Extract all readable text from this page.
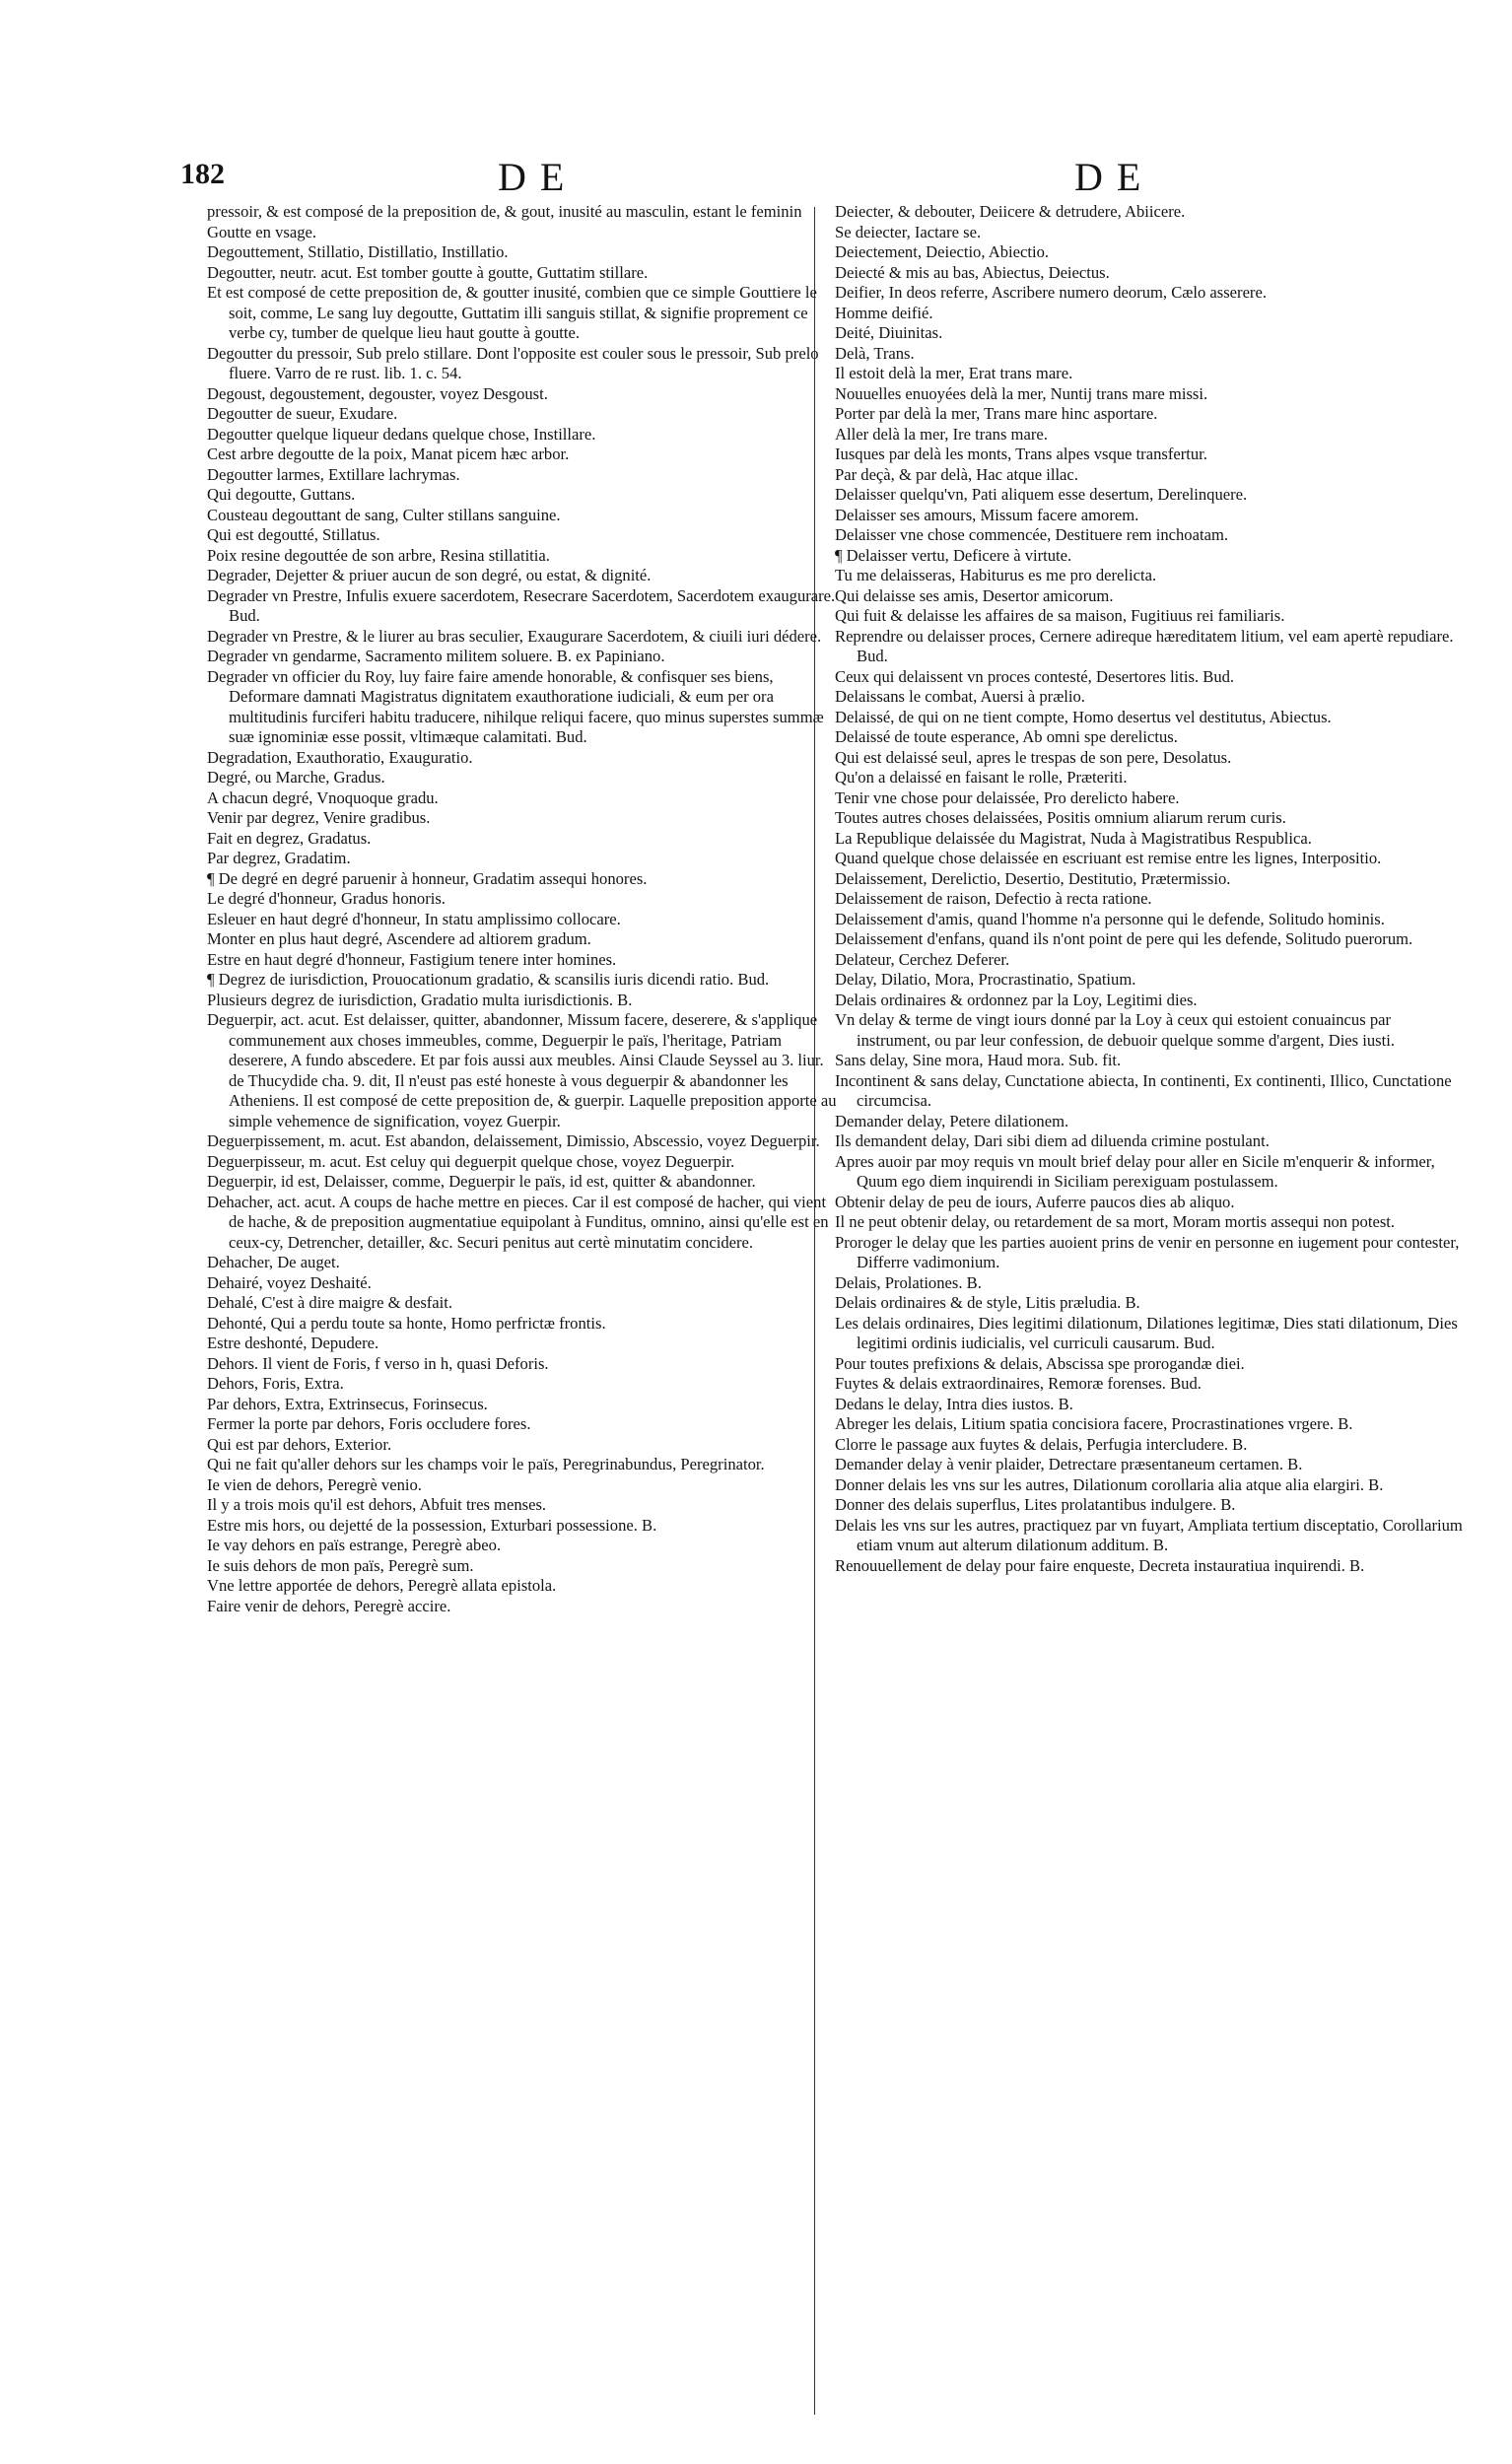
182	DE	DE

pressoir, & est composé de la preposition de, & gout, inusité au masculin, estant le feminin Goutte en vsage.

Degouttement, Stillatio, Distillatio, Instillatio.

Degoutter, neutr. acut. Est tomber goutte à goutte, Guttatim stillare.

Et est composé de cette preposition de, & goutter inusité, combien que ce simple Gouttiere le soit, comme, Le sang luy degoutte, Guttatim illi sanguis stillat, & signifie proprement ce verbe cy, tumber de quelque lieu haut goutte à goutte.

Degoutter du pressoir, Sub prelo stillare. Dont l'opposite est couler sous le pressoir, Sub prelo fluere. Varro de re rust. lib. 1. c. 54.

Degoust, degoustement, degouster, voyez Desgoust.

Degoutter de sueur, Exudare.

Degoutter quelque liqueur dedans quelque chose, Instillare.

Cest arbre degoutte de la poix, Manat picem hæc arbor.

Degoutter larmes, Extillare lachrymas.

Qui degoutte, Guttans.

Cousteau degouttant de sang, Culter stillans sanguine.

Qui est degoutté, Stillatus.

Poix resine degouttée de son arbre, Resina stillatitia.

Degrader, Dejetter & priuer aucun de son degré, ou estat, & dignité.

Degrader vn Prestre, Infulis exuere sacerdotem, Resecrare Sacerdotem, Sacerdotem exaugurare. Bud.

Degrader vn Prestre, & le liurer au bras seculier, Exaugurare Sacerdotem, & ciuili iuri dédere.

Degrader vn gendarme, Sacramento militem soluere. B. ex Papiniano.

Degrader vn officier du Roy, luy faire faire amende honorable, & confisquer ses biens, Deformare damnati Magistratus dignitatem exauthoratione iudiciali, & eum per ora multitudinis furciferi habitu traducere, nihilque reliqui facere, quo minus superstes summæ suæ ignominiæ esse possit, vltimæque calamitati. Bud.

Degradation, Exauthoratio, Exauguratio.

Degré, ou Marche, Gradus.

A chacun degré, Vnoquoque gradu.

Venir par degrez, Venire gradibus.

Fait en degrez, Gradatus.

Par degrez, Gradatim.

¶ De degré en degré paruenir à honneur, Gradatim assequi honores.

Le degré d'honneur, Gradus honoris.

Esleuer en haut degré d'honneur, In statu amplissimo collocare.

Monter en plus haut degré, Ascendere ad altiorem gradum.

Estre en haut degré d'honneur, Fastigium tenere inter homines.

¶ Degrez de iurisdiction, Prouocationum gradatio, & scansilis iuris dicendi ratio. Bud.

Plusieurs degrez de iurisdiction, Gradatio multa iurisdictionis. B.

Deguerpir, act. acut. Est delaisser, quitter, abandonner, Missum facere, deserere, & s'applique communement aux choses immeubles, comme, Deguerpir le païs, l'heritage, Patriam deserere, A fundo abscedere. Et par fois aussi aux meubles. Ainsi Claude Seyssel au 3. liur. de Thucydide cha. 9. dit, Il n'eust pas esté honeste à vous deguerpir & abandonner les Atheniens. Il est composé de cette preposition de, & guerpir. Laquelle preposition apporte au simple vehemence de signification, voyez Guerpir.

Deguerpissement, m. acut. Est abandon, delaissement, Dimissio, Abscessio, voyez Deguerpir.

Deguerpisseur, m. acut. Est celuy qui deguerpit quelque chose, voyez Deguerpir.

Deguerpir, id est, Delaisser, comme, Deguerpir le païs, id est, quitter & abandonner.

Dehacher, act. acut. A coups de hache mettre en pieces. Car il est composé de hacher, qui vient de hache, & de preposition augmentatiue equipolant à Funditus, omnino, ainsi qu'elle est en ceux-cy, Detrencher, detailler, &c. Securi penitus aut certè minutatim concidere.

Dehacher, De auget.

Dehairé, voyez Deshaité.

Dehalé, C'est à dire maigre & desfait.

Dehonté, Qui a perdu toute sa honte, Homo perfrictæ frontis.

Estre deshonté, Depudere.

Dehors. Il vient de Foris, f verso in h, quasi Deforis.

Dehors, Foris, Extra.

Par dehors, Extra, Extrinsecus, Forinsecus.

Fermer la porte par dehors, Foris occludere fores.

Qui est par dehors, Exterior.

Qui ne fait qu'aller dehors sur les champs voir le païs, Peregrinabundus, Peregrinator.

Ie vien de dehors, Peregrè venio.

Il y a trois mois qu'il est dehors, Abfuit tres menses.

Estre mis hors, ou dejetté de la possession, Exturbari possessione. B.

Ie vay dehors en païs estrange, Peregrè abeo.

Ie suis dehors de mon païs, Peregrè sum.

Vne lettre apportée de dehors, Peregrè allata epistola.

Faire venir de dehors, Peregrè accire.

Deiecter, & debouter, Deiicere & detrudere, Abiicere.

Se deiecter, Iactare se.

Deiectement, Deiectio, Abiectio.

Deiecté & mis au bas, Abiectus, Deiectus.

Deifier, In deos referre, Ascribere numero deorum, Cælo asserere.

Homme deifié.

Deité, Diuinitas.

Delà, Trans.

Il estoit delà la mer, Erat trans mare.

Nouuelles enuoyées delà la mer, Nuntij trans mare missi.

Porter par delà la mer, Trans mare hinc asportare.

Aller delà la mer, Ire trans mare.

Iusques par delà les monts, Trans alpes vsque transfertur.

Par deçà, & par delà, Hac atque illac.

Delaisser quelqu'vn, Pati aliquem esse desertum, Derelinquere.

Delaisser ses amours, Missum facere amorem.

Delaisser vne chose commencée, Destituere rem inchoatam.

¶ Delaisser vertu, Deficere à virtute.

Tu me delaisseras, Habiturus es me pro derelicta.

Qui delaisse ses amis, Desertor amicorum.

Qui fuit & delaisse les affaires de sa maison, Fugitiuus rei familiaris.

Reprendre ou delaisser proces, Cernere adireque hæreditatem litium, vel eam apertè repudiare. Bud.

Ceux qui delaissent vn proces contesté, Desertores litis. Bud.

Delaissans le combat, Auersi à prælio.

Delaissé, de qui on ne tient compte, Homo desertus vel destitutus, Abiectus.

Delaissé de toute esperance, Ab omni spe derelictus.

Qui est delaissé seul, apres le trespas de son pere, Desolatus.

Qu'on a delaissé en faisant le rolle, Præteriti.

Tenir vne chose pour delaissée, Pro derelicto habere.

Toutes autres choses delaissées, Positis omnium aliarum rerum curis.

La Republique delaissée du Magistrat, Nuda à Magistratibus Respublica.

Quand quelque chose delaissée en escriuant est remise entre les lignes, Interpositio.

Delaissement, Derelictio, Desertio, Destitutio, Prætermissio.

Delaissement de raison, Defectio à recta ratione.

Delaissement d'amis, quand l'homme n'a personne qui le defende, Solitudo hominis.

Delaissement d'enfans, quand ils n'ont point de pere qui les defende, Solitudo puerorum.

Delateur, Cerchez Deferer.

Delay, Dilatio, Mora, Procrastinatio, Spatium.

Delais ordinaires & ordonnez par la Loy, Legitimi dies.

Vn delay & terme de vingt iours donné par la Loy à ceux qui estoient conuaincus par instrument, ou par leur confession, de debuoir quelque somme d'argent, Dies iusti.

Sans delay, Sine mora, Haud mora. Sub. fit.

Incontinent & sans delay, Cunctatione abiecta, In continenti, Ex continenti, Illico, Cunctatione circumcisa.

Demander delay, Petere dilationem.

Ils demandent delay, Dari sibi diem ad diluenda crimine postulant.

Apres auoir par moy requis vn moult brief delay pour aller en Sicile m'enquerir & informer, Quum ego diem inquirendi in Siciliam perexiguam postulassem.

Obtenir delay de peu de iours, Auferre paucos dies ab aliquo.

Il ne peut obtenir delay, ou retardement de sa mort, Moram mortis assequi non potest.

Proroger le delay que les parties auoient prins de venir en personne en iugement pour contester, Differre vadimonium.

Delais, Prolationes. B.

Delais ordinaires & de style, Litis præludia. B.

Les delais ordinaires, Dies legitimi dilationum, Dilationes legitimæ, Dies stati dilationum, Dies legitimi ordinis iudicialis, vel curriculi causarum. Bud.

Pour toutes prefixions & delais, Abscissa spe prorogandæ diei.

Fuytes & delais extraordinaires, Remoræ forenses. Bud.

Dedans le delay, Intra dies iustos. B.

Abreger les delais, Litium spatia concisiora facere, Procrastinationes vrgere. B.

Clorre le passage aux fuytes & delais, Perfugia intercludere. B.

Demander delay à venir plaider, Detrectare præsentaneum certamen. B.

Donner delais les vns sur les autres, Dilationum corollaria alia atque alia elargiri. B.

Donner des delais superflus, Lites prolatantibus indulgere. B.

Delais les vns sur les autres, practiquez par vn fuyart, Ampliata tertium disceptatio, Corollarium etiam vnum aut alterum dilationum additum. B.

Renouuellement de delay pour faire enqueste, Decreta instauratiua inquirendi. B.
